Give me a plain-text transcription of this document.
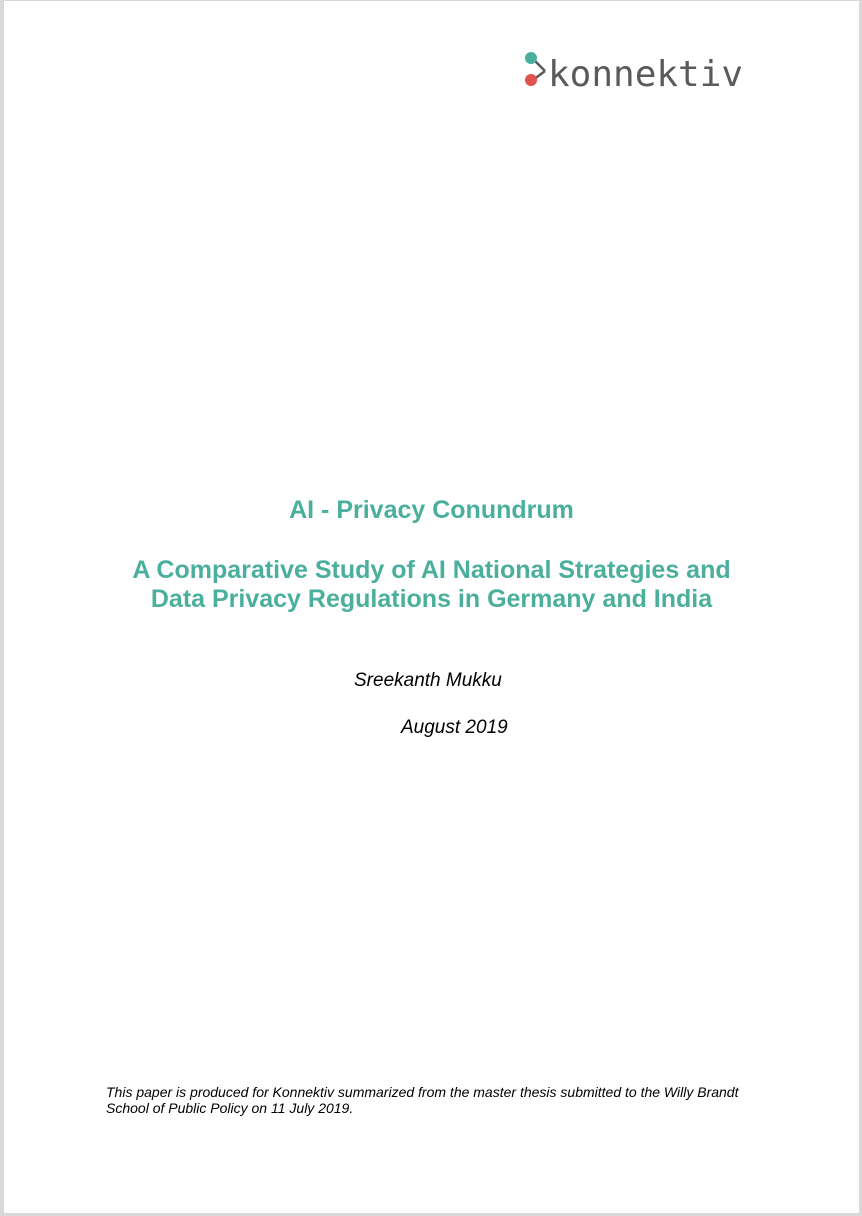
konnektiv
AI - Privacy Conundrum
A Comparative Study of AI National Strategies and
Data Privacy Regulations in Germany and India
Sreekanth Mukku
August 2019
This paper is produced for Konnektiv summarized from the master thesis submitted to the Willy Brandt School of Public Policy on 11 July 2019.
